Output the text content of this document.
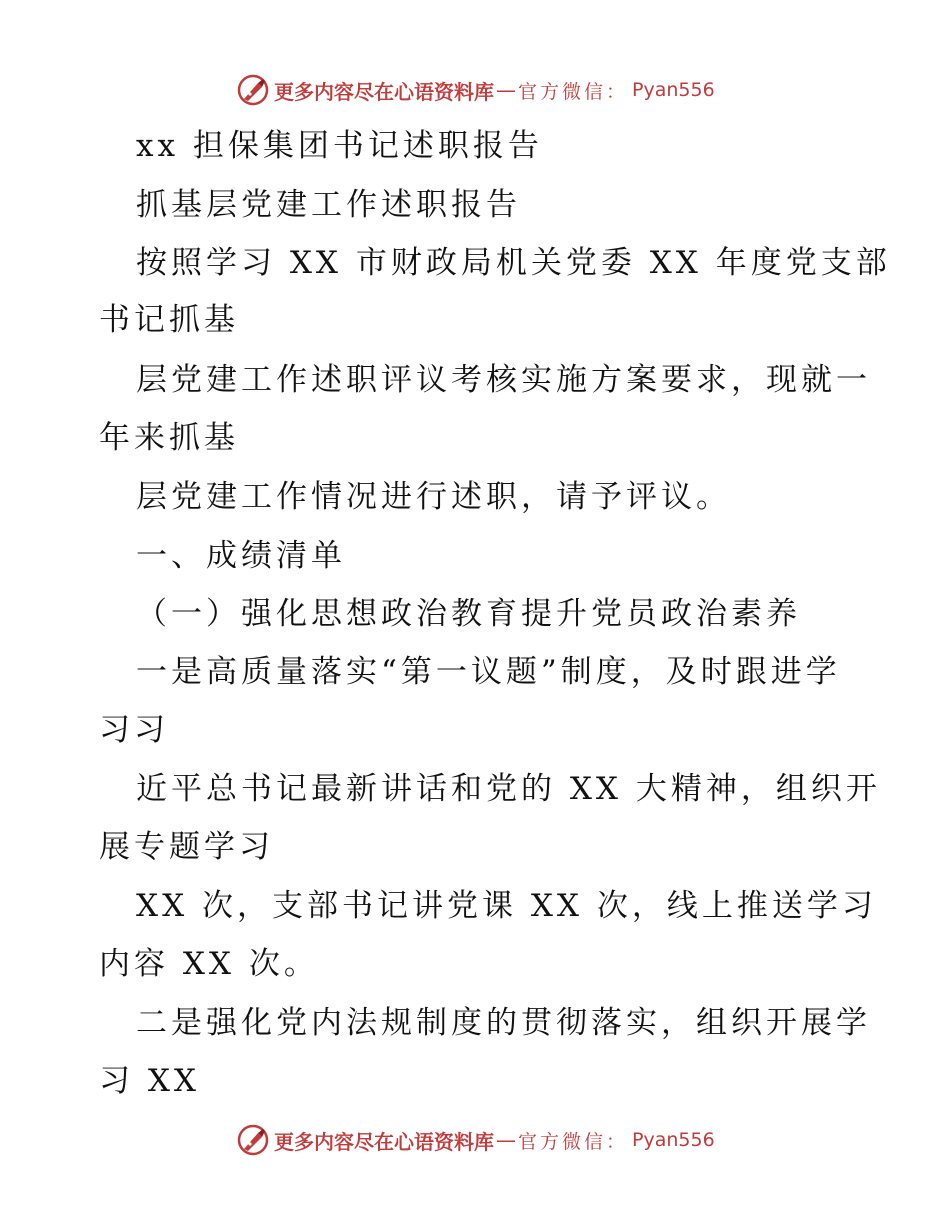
更多内容尽在心语资料库 — 官方微信： Pyan556
xx 担保集团书记述职报告
抓基层党建工作述职报告
按照学习 XX 市财政局机关党委 XX 年度党支部
书记抓基
层党建工作述职评议考核实施方案要求，现就一
年来抓基
层党建工作情况进行述职，请予评议。
一、成绩清单
（一）强化思想政治教育提升党员政治素养
一是高质量落实“第一议题”制度，及时跟进学
习习
近平总书记最新讲话和党的 XX 大精神，组织开
展专题学习
XX 次，支部书记讲党课 XX 次，线上推送学习
内容 XX 次。
二是强化党内法规制度的贯彻落实，组织开展学
习 XX
更多内容尽在心语资料库 — 官方微信： Pyan556
